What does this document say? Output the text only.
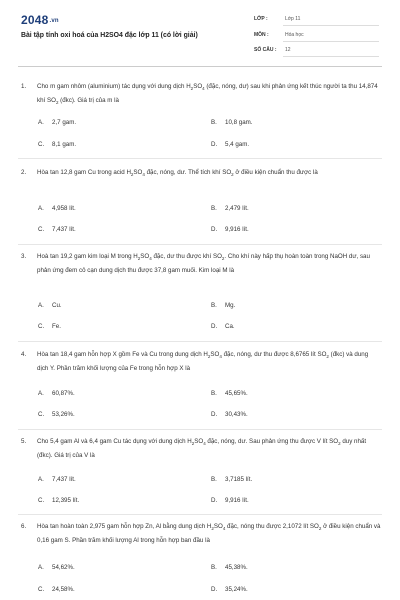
2048.vn
Bài tập tính oxi hoá của H2SO4 đặc lớp 11 (có lời giải)
LỚP :	Lớp 11
MÔN :	Hóa học
SỐ CÂU : 12
1. Cho m gam nhôm (aluminium) tác dụng với dung dịch $H_2SO_4$ (đặc, nóng, dư) sau khi phản ứng kết thúc người ta thu 14,874 khí $SO_2$ (đkc). Giá trị của m là
A. 2,7 gam.	B. 10,8 gam.
C. 8,1 gam.	D. 5,4 gam.
2. Hòa tan 12,8 gam Cu trong acid $H_2SO_4$ đặc, nóng, dư. Thể tích khí $SO_2$ ở điều kiện chuẩn thu được là
A. 4,958 lít.	B. 2,479 lít.
C. 7,437 lít.	D. 9,916 lít.
3. Hoà tan 19,2 gam kim loại M trong $H_2SO_4$ đặc, dư thu được khí $SO_2$. Cho khí này hấp thụ hoàn toàn trong NaOH dư, sau phản ứng đem cô cạn dung dịch thu được 37,8 gam muối. Kim loại M là
A. Cu.	B. Mg.
C. Fe.	D. Ca.
4. Hòa tan 18,4 gam hỗn hợp X gồm Fe và Cu trong dung dịch $H_2SO_4$ đặc, nóng, dư thu được 8,6765 lít $SO_2$ (đkc) và dung dịch Y. Phần trăm khối lượng của Fe trong hỗn hợp X là
A. 60,87%.	B. 45,65%.
C. 53,26%.	D. 30,43%.
5. Cho 5,4 gam Al và 6,4 gam Cu tác dụng với dung dịch $H_2SO_4$ đặc, nóng, dư. Sau phản ứng thu được V lít $SO_2$ duy nhất (đkc). Giá trị của V là
A. 7,437 lít.	B. 3,7185 lít.
C. 12,395 lít.	D. 9,916 lít.
6. Hòa tan hoàn toàn 2,975 gam hỗn hợp Zn, Al bằng dung dịch $H_2SO_4$ đặc, nóng thu được 2,1072 lít $SO_2$ ở điều kiện chuẩn và 0,16 gam S. Phần trăm khối lượng Al trong hỗn hợp ban đầu là
A. 54,62%.	B. 45,38%.
C. 24,58%.	D. 35,24%.
